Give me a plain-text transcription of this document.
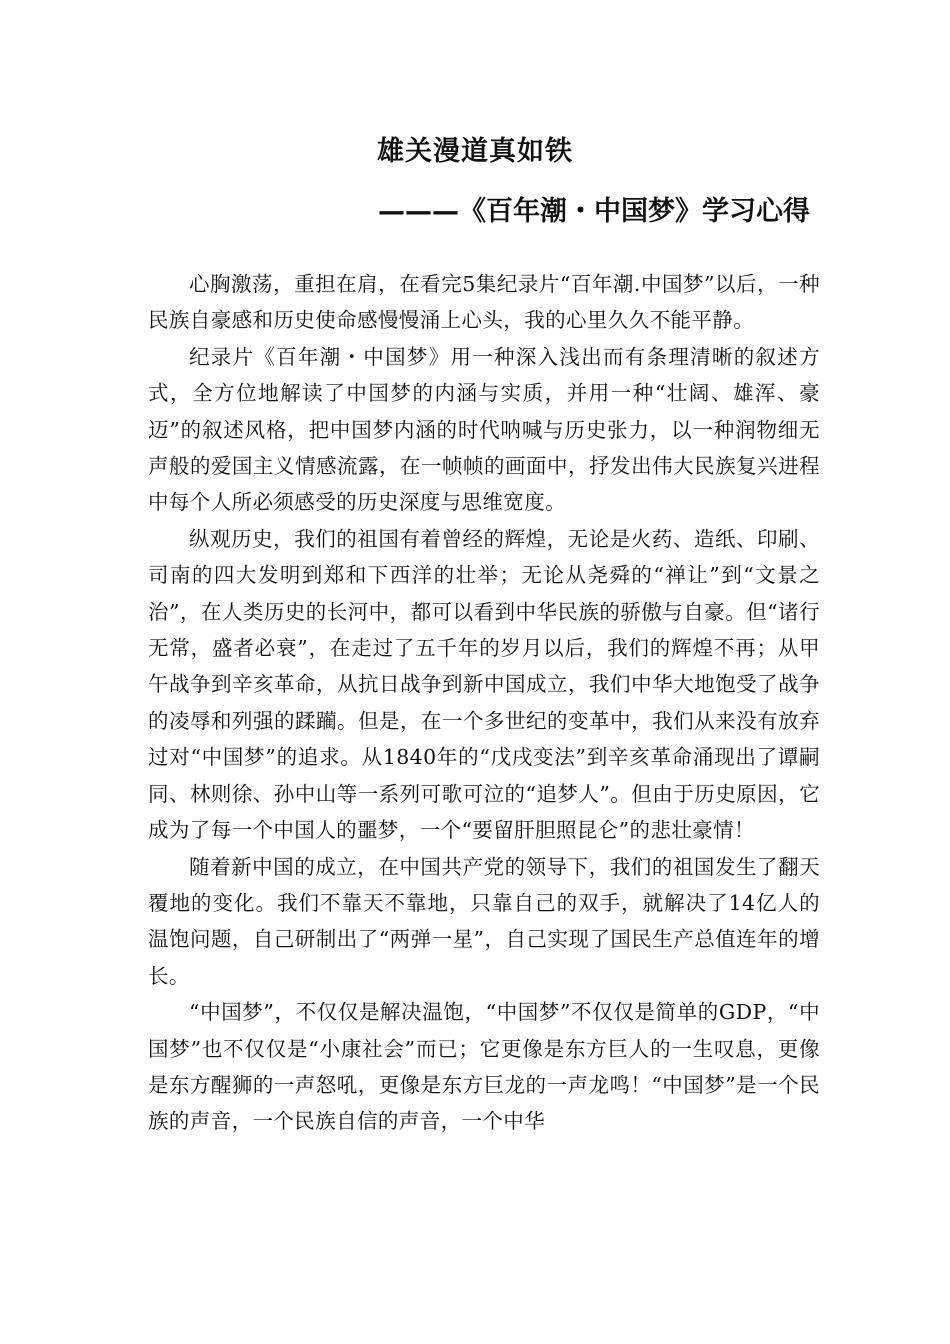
雄关漫道真如铁
———《百年潮・中国梦》学习心得

心胸激荡，重担在肩，在看完5集纪录片“百年潮.中国梦”以后，一种民族自豪感和历史使命感慢慢涌上心头，我的心里久久不能平静。

纪录片《百年潮・中国梦》用一种深入浅出而有条理清晰的叙述方式，全方位地解读了中国梦的内涵与实质，并用一种“壮阔、雄浑、豪迈”的叙述风格，把中国梦内涵的时代呐喊与历史张力，以一种润物细无声般的爱国主义情感流露，在一帧帧的画面中，抒发出伟大民族复兴进程中每个人所必须感受的历史深度与思维宽度。

纵观历史，我们的祖国有着曾经的辉煌，无论是火药、造纸、印刷、司南的四大发明到郑和下西洋的壮举；无论从尧舜的“禅让”到“文景之治”，在人类历史的长河中，都可以看到中华民族的骄傲与自豪。但“诸行无常，盛者必衰”，在走过了五千年的岁月以后，我们的辉煌不再；从甲午战争到辛亥革命，从抗日战争到新中国成立，我们中华大地饱受了战争的凌辱和列强的蹂躏。但是，在一个多世纪的变革中，我们从来没有放弃过对“中国梦”的追求。从1840年的“戊戌变法”到辛亥革命涌现出了谭嗣同、林则徐、孙中山等一系列可歌可泣的“追梦人”。但由于历史原因，它成为了每一个中国人的噩梦，一个“要留肝胆照昆仑”的悲壮豪情！

随着新中国的成立，在中国共产党的领导下，我们的祖国发生了翻天覆地的变化。我们不靠天不靠地，只靠自己的双手，就解决了14亿人的温饱问题，自己研制出了“两弹一星”，自己实现了国民生产总值连年的增长。

“中国梦”，不仅仅是解决温饱，“中国梦”不仅仅是简单的GDP，“中国梦”也不仅仅是“小康社会”而已；它更像是东方巨人的一生叹息，更像是东方醒狮的一声怒吼，更像是东方巨龙的一声龙鸣！“中国梦”是一个民族的声音，一个民族自信的声音，一个中华
